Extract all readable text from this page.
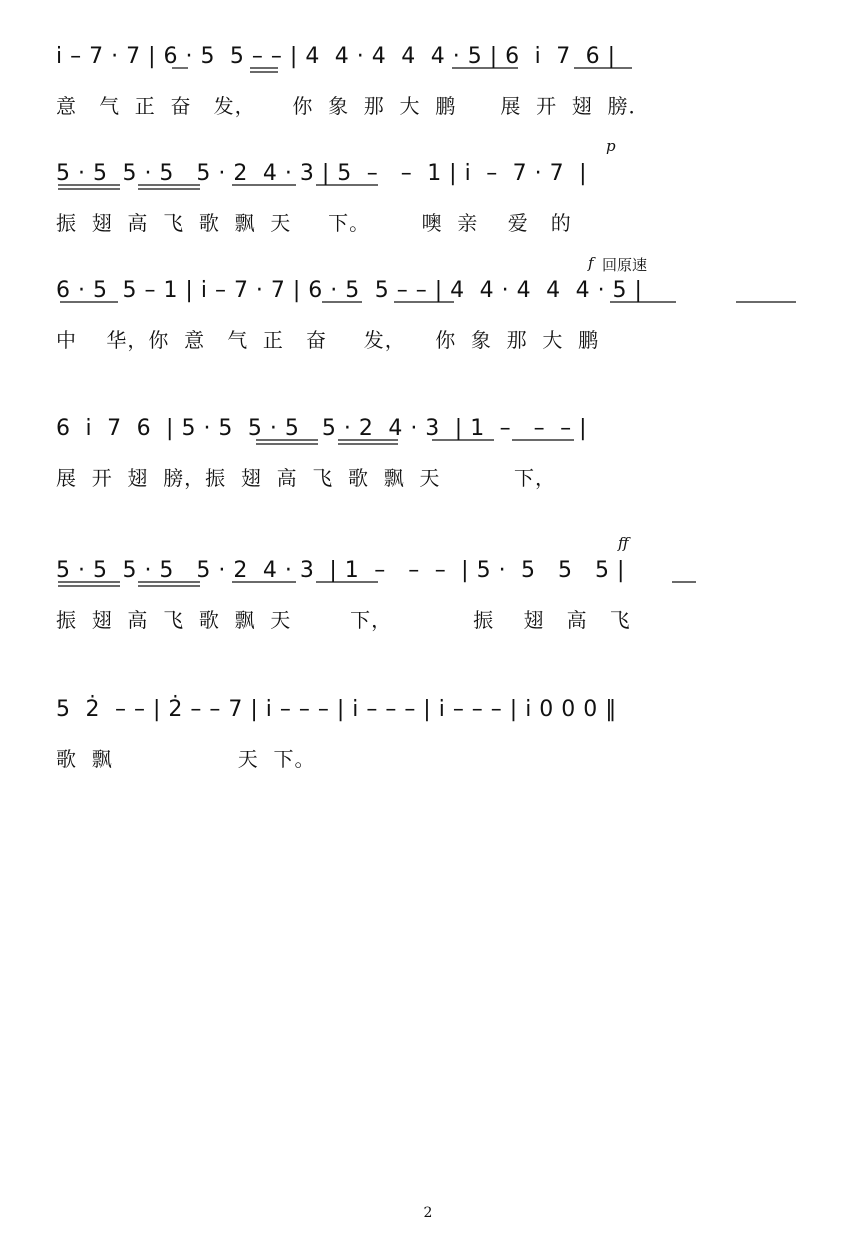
i̇ – 7 · 7 | 6 · 5  5 – – | 4  4 · 4  4  4 · 5 | 6  i̇  7  6 |
意   气  正  奋   发，     你  象  那  大  鹏      展  开  翅  膀．
p
5 · 5  5 · 5   5 · 2  4 · 3 | 5  –   –  1 | i̇  –  7 · 7  |
振  翅  高  飞  歌  飘  天     下。       噢  亲    爱   的
f 回原速
6 · 5  5 – 1 | i̇ – 7 · 7 | 6 · 5  5 – – | 4  4 · 4  4  4 · 5 |
中    华，你  意   气  正   奋     发，    你  象  那  大  鹏
6  i̇  7  6  | 5 · 5  5 · 5   5 · 2  4 · 3  | 1  –   –  – |
展  开  翅  膀，振  翅  高  飞  歌  飘  天          下，
ff
5 · 5  5 · 5   5 · 2  4 · 3  | 1  –   –  –  | 5 ·  5   5   5 |
振  翅  高  飞  歌  飘  天        下，           振    翅   高   飞
5  2̇  – – | 2̇ – – 7 | i̇ – – – | i̇ – – – | i̇ – – – | i̇ 0 0 0 ‖
歌  飘                 天  下。
2
